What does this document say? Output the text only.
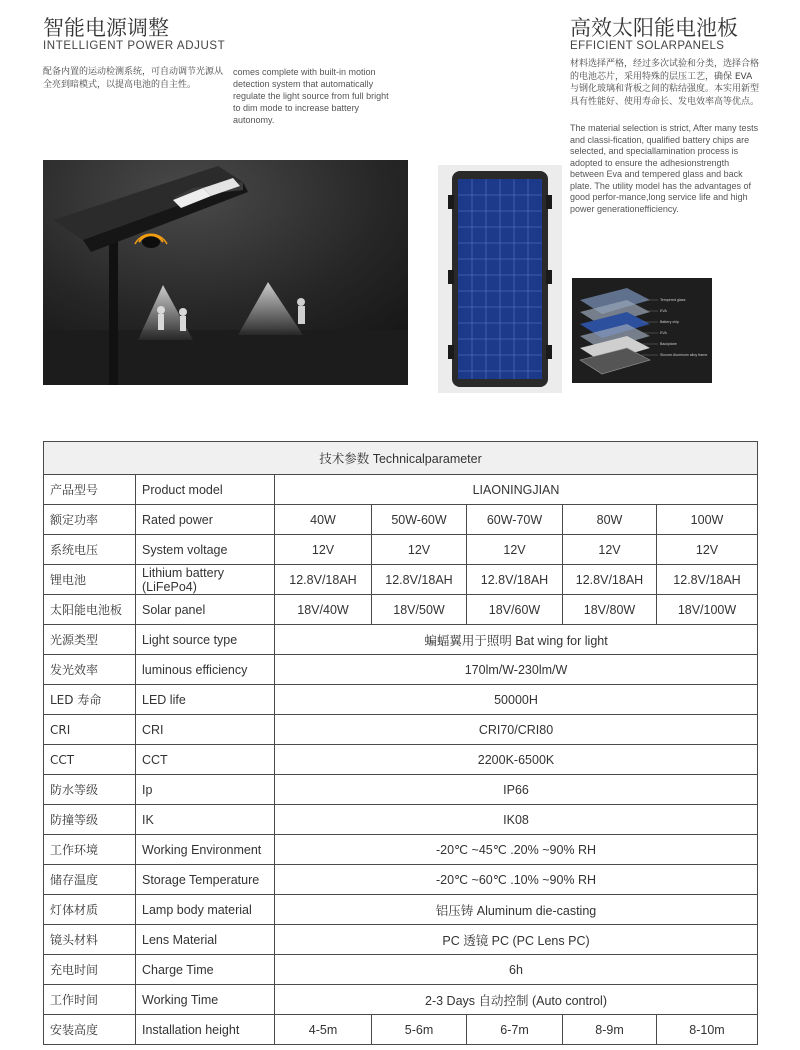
智能电源调整
INTELLIGENT POWER ADJUST
配备内置的运动检测系统，可自动调节光源从全亮到暗模式，以提高电池的自主性。
comes complete with built-in motion detection system that automatically regulate the light source from full bright to dim mode to increase battery autonomy.
高效太阳能电池板
EFFICIENT SOLARPANELS
材料选择严格，经过多次试验和分类，选择合格的电池芯片，采用特殊的层压工艺，确保 EVA 与钢化玻璃和背板之间的粘结强度。本实用新型具有性能好、使用寿命长、发电效率高等优点。
The material selection is strict, After many tests and classi-fication, qualified battery chips are selected, and speciallamination process is adopted to ensure the adhesionstrength between Eva and tempered glass and back plate. The utility model has the advantages of good perfor-mance,long service life and high power generationefficiency.
Tempered glass
EVA
Battery chip
EVA
Backplane
Sincom Aluminum alloy frame
技术参数 Technicalparameter						
产品型号	Product model	LIAONINGJIAN				
额定功率	Rated power	40W	50W-60W	60W-70W	80W	100W
系统电压	System voltage	12V	12V	12V	12V	12V
锂电池	Lithium battery (LiFePo4)	12.8V/18AH	12.8V/18AH	12.8V/18AH	12.8V/18AH	12.8V/18AH
太阳能电池板	Solar panel	18V/40W	18V/50W	18V/60W	18V/80W	18V/100W
光源类型	Light source type	蝙蝠翼用于照明 Bat wing for light				
发光效率	luminous efficiency	170lm/W-230lm/W				
LED 寿命	LED life	50000H				
CRI	CRI	CRI70/CRI80				
CCT	CCT	2200K-6500K				
防水等级	Ip	IP66				
防撞等级	IK	IK08				
工作环境	Working Environment	-20℃ ~45℃ .20% ~90% RH				
储存温度	Storage Temperature	-20℃ ~60℃ .10% ~90% RH				
灯体材质	Lamp body material	铝压铸 Aluminum die-casting				
镜头材料	Lens Material	PC 透镜 PC (PC Lens PC)				
充电时间	Charge Time	6h				
工作时间	Working Time	2-3 Days 自动控制 (Auto control)				
安装高度	Installation height	4-5m	5-6m	6-7m	8-9m	8-10m
